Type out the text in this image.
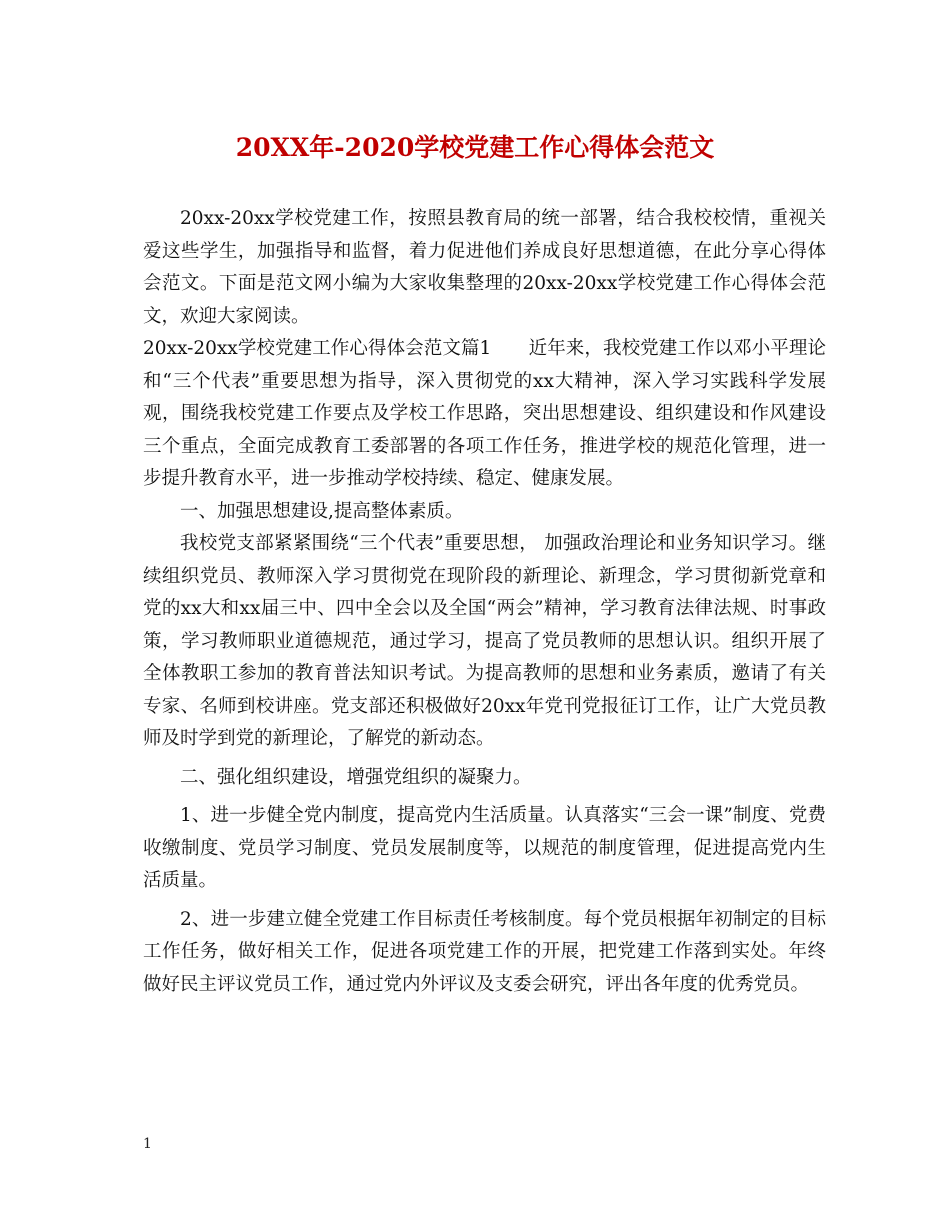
20XX年-2020学校党建工作心得体会范文

20xx-20xx学校党建工作，按照县教育局的统一部署，结合我校校情，重视关爱这些学生，加强指导和监督，着力促进他们养成良好思想道德，在此分享心得体会范文。下面是范文网小编为大家收集整理的20xx-20xx学校党建工作心得体会范文，欢迎大家阅读。

20xx-20xx学校党建工作心得体会范文篇1　　近年来，我校党建工作以邓小平理论和“三个代表”重要思想为指导，深入贯彻党的xx大精神，深入学习实践科学发展观，围绕我校党建工作要点及学校工作思路，突出思想建设、组织建设和作风建设三个重点，全面完成教育工委部署的各项工作任务，推进学校的规范化管理，进一步提升教育水平，进一步推动学校持续、稳定、健康发展。

一、加强思想建设,提高整体素质。

我校党支部紧紧围绕“三个代表”重要思想， 加强政治理论和业务知识学习。继续组织党员、教师深入学习贯彻党在现阶段的新理论、新理念，学习贯彻新党章和党的xx大和xx届三中、四中全会以及全国“两会”精神，学习教育法律法规、时事政策，学习教师职业道德规范，通过学习，提高了党员教师的思想认识。组织开展了全体教职工参加的教育普法知识考试。为提高教师的思想和业务素质，邀请了有关专家、名师到校讲座。党支部还积极做好20xx年党刊党报征订工作，让广大党员教师及时学到党的新理论，了解党的新动态。

二、强化组织建设，增强党组织的凝聚力。

1、进一步健全党内制度，提高党内生活质量。认真落实“三会一课”制度、党费收缴制度、党员学习制度、党员发展制度等，以规范的制度管理，促进提高党内生活质量。

2、进一步建立健全党建工作目标责任考核制度。每个党员根据年初制定的目标工作任务，做好相关工作，促进各项党建工作的开展，把党建工作落到实处。年终做好民主评议党员工作，通过党内外评议及支委会研究，评出各年度的优秀党员。

1
